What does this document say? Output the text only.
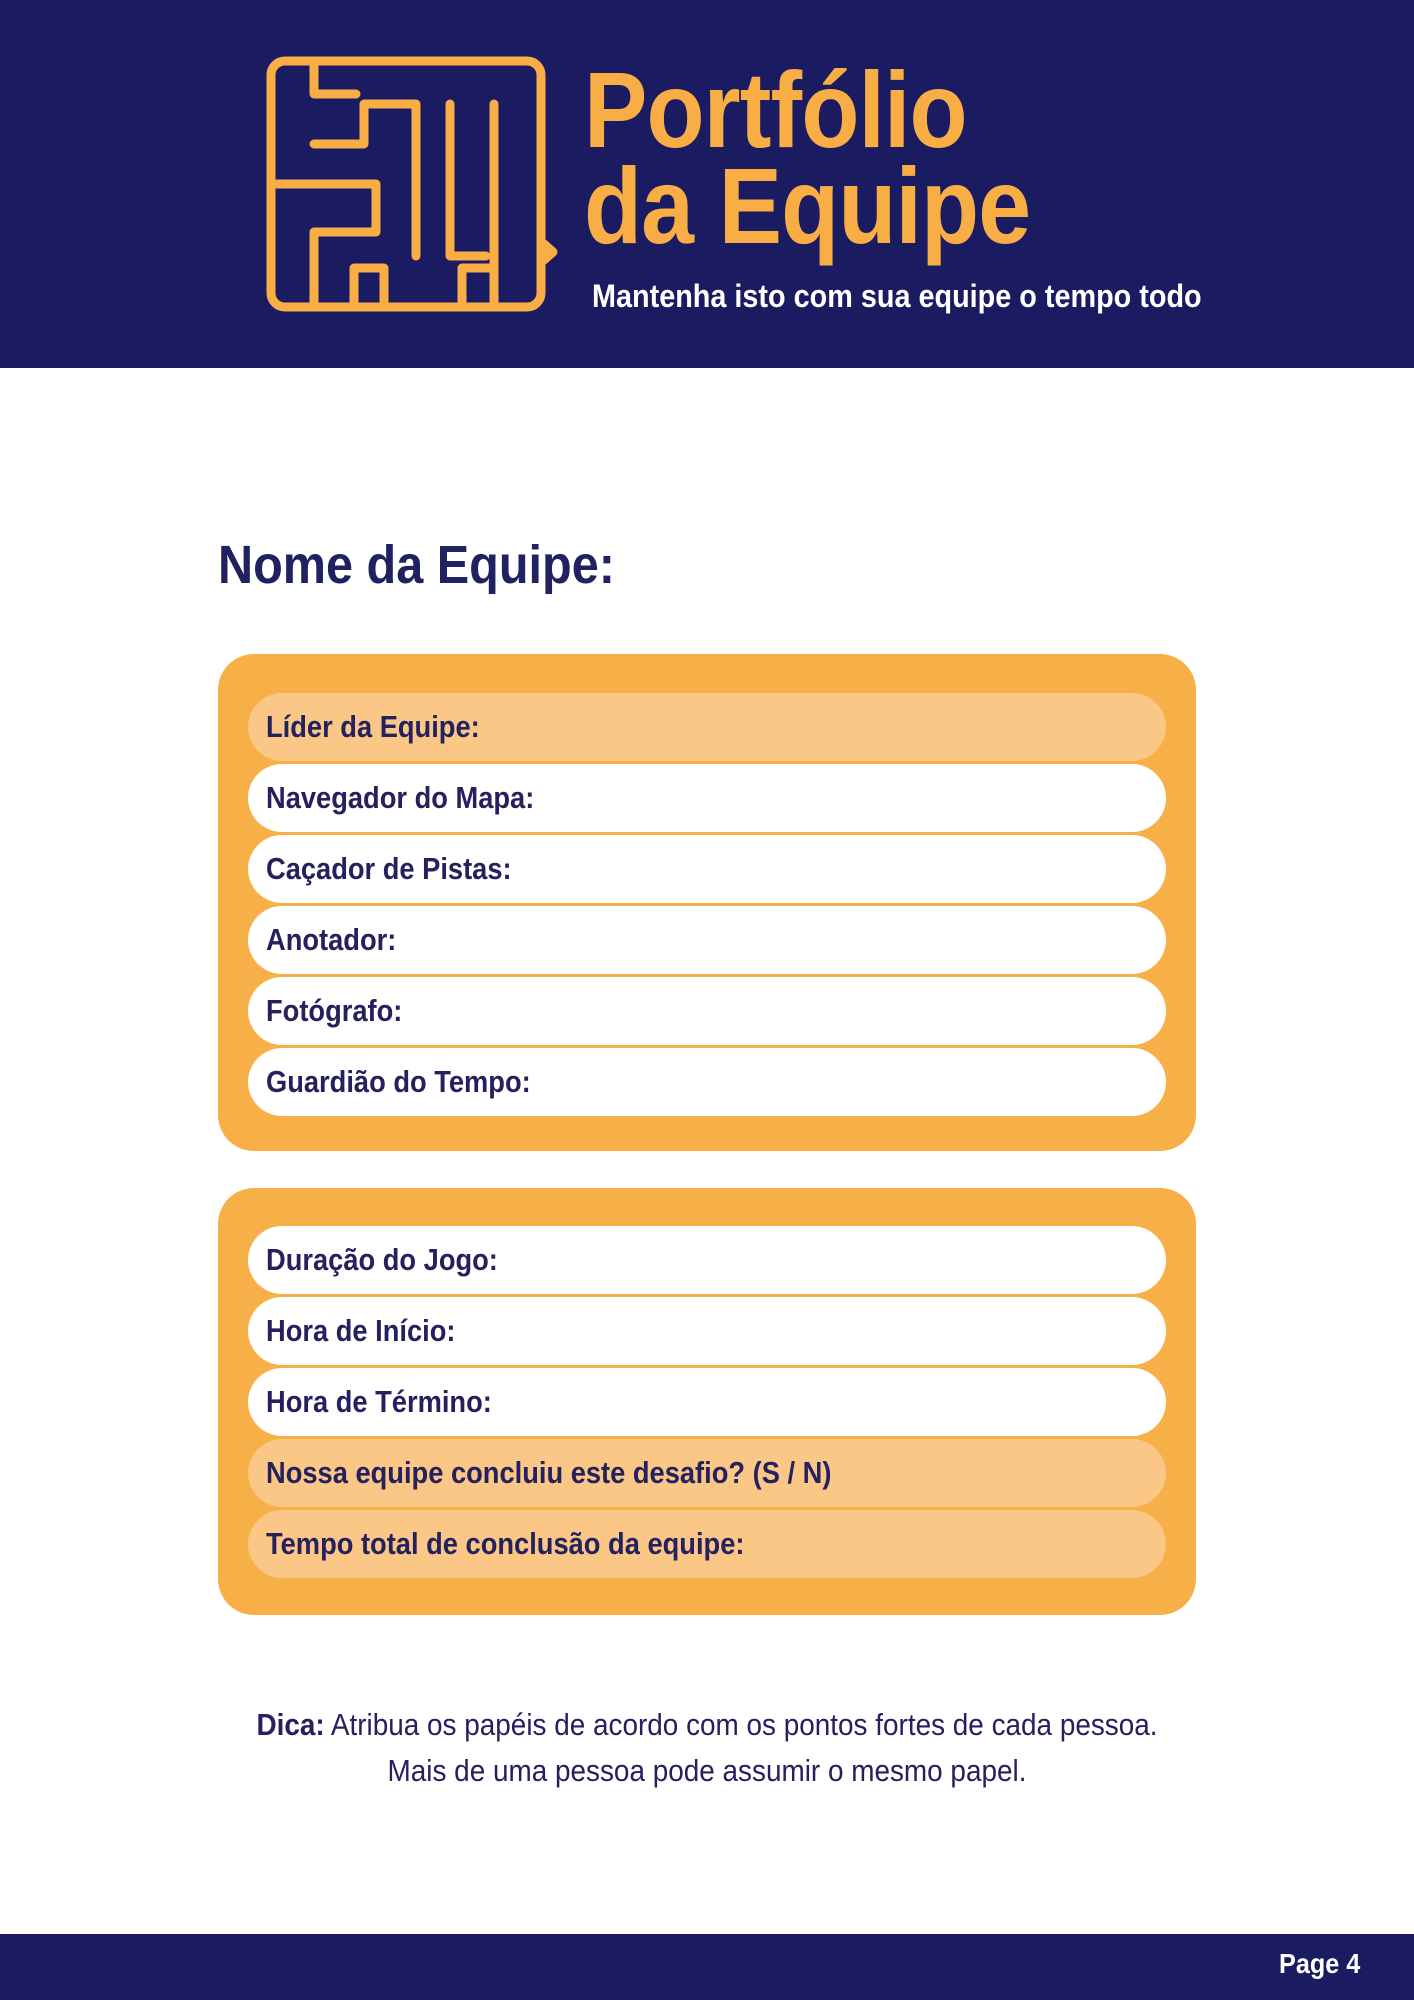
Portfólio
da Equipe
Mantenha isto com sua equipe o tempo todo
Nome da Equipe:
Líder da Equipe:
Navegador do Mapa:
Caçador de Pistas:
Anotador:
Fotógrafo:
Guardião do Tempo:
Duração do Jogo:
Hora de Início:
Hora de Término:
Nossa equipe concluiu este desafio? (S / N)
Tempo total de conclusão da equipe:
Dica: Atribua os papéis de acordo com os pontos fortes de cada pessoa.
Mais de uma pessoa pode assumir o mesmo papel.
Page 4
